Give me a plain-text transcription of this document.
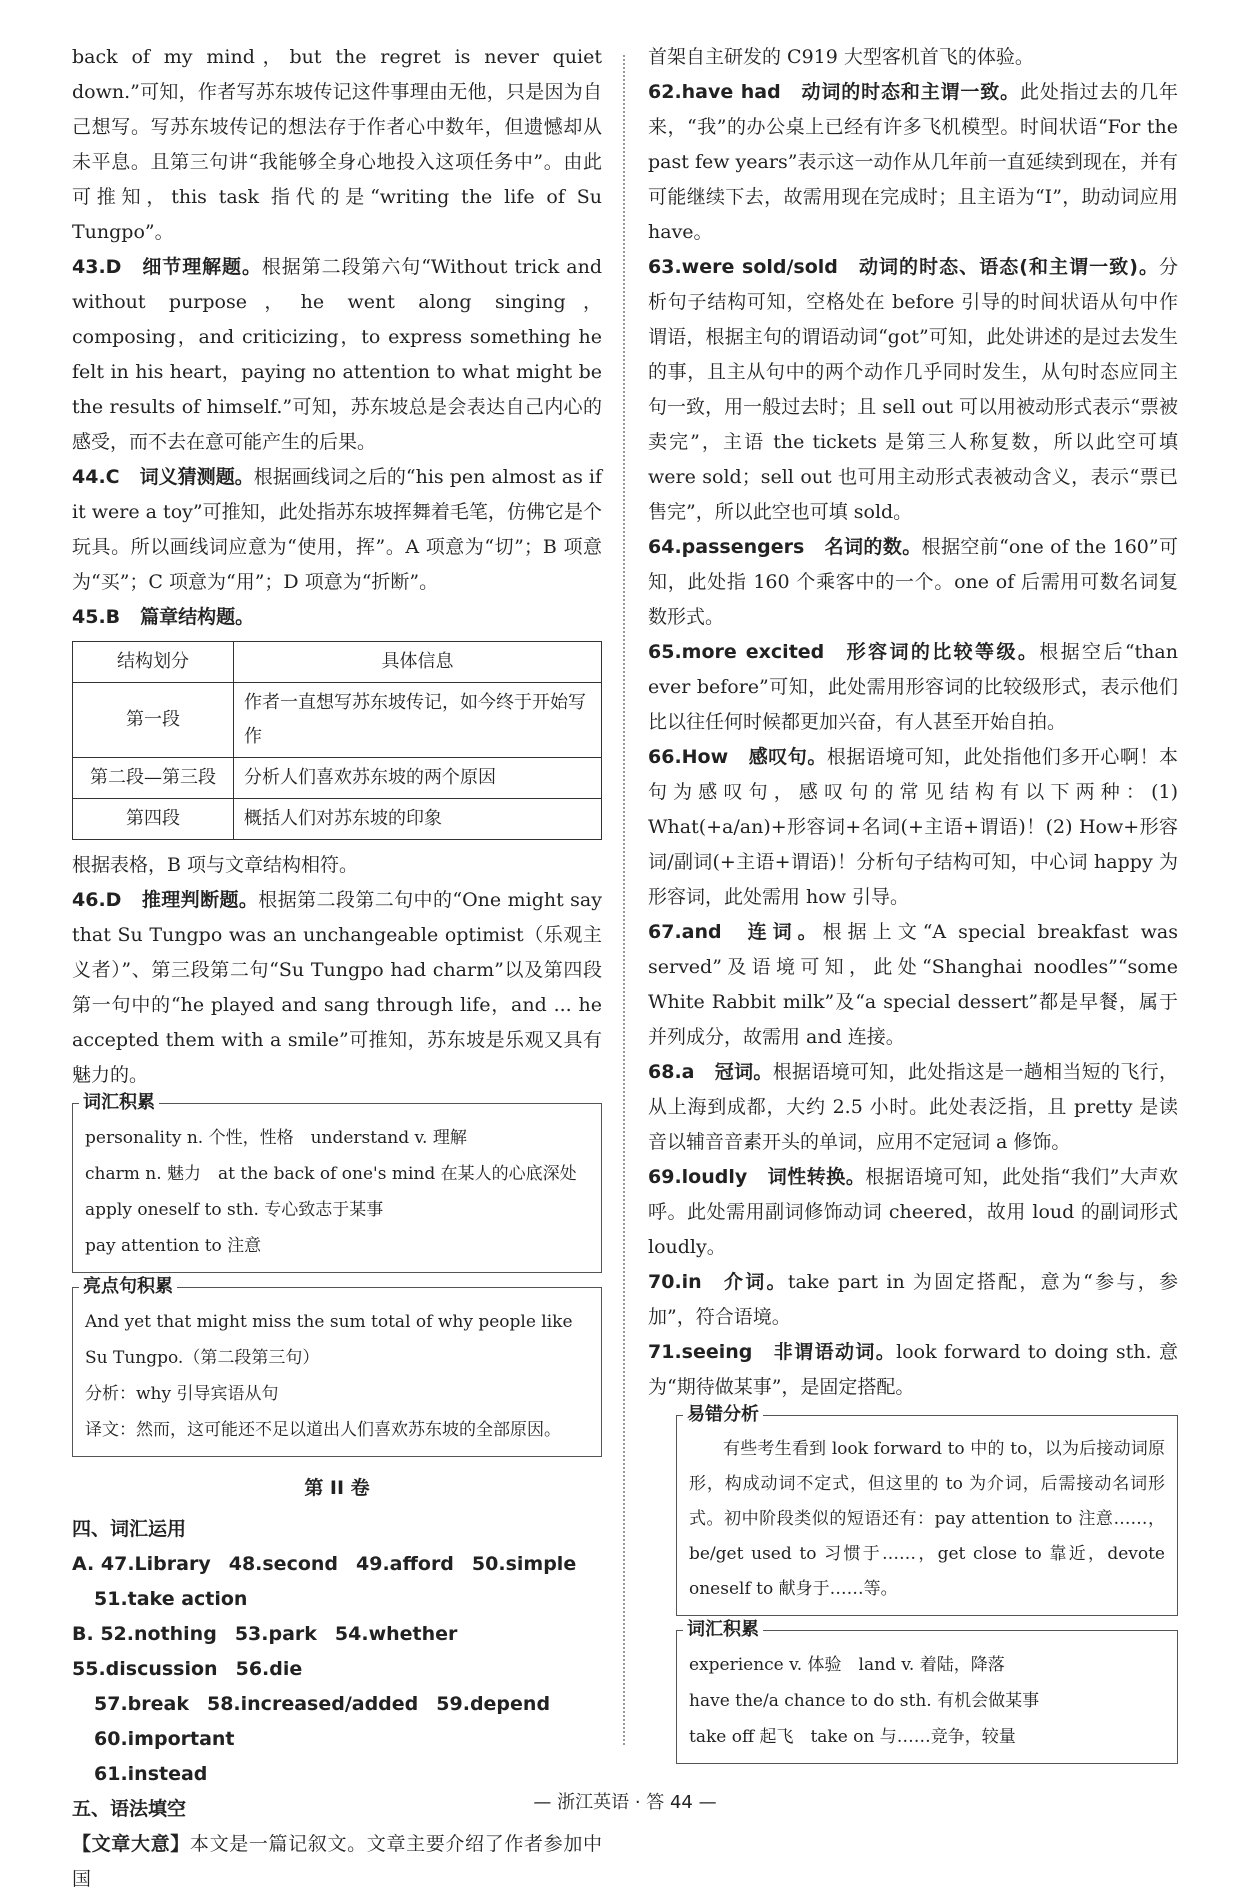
back of my mind，but the regret is never quiet down.”可知，作者写苏东坡传记这件事理由无他，只是因为自己想写。写苏东坡传记的想法存于作者心中数年，但遗憾却从未平息。且第三句讲“我能够全身心地投入这项任务中”。由此可推知，this task 指代的是“writing the life of Su Tungpo”。

43.D 细节理解题。根据第二段第六句“Without trick and without purpose，he went along singing，composing，and criticizing，to express something he felt in his heart，paying no attention to what might be the results of himself.”可知，苏东坡总是会表达自己内心的感受，而不去在意可能产生的后果。

44.C 词义猜测题。根据画线词之后的“his pen almost as if it were a toy”可推知，此处指苏东坡挥舞着毛笔，仿佛它是个玩具。所以画线词应意为“使用，挥”。A 项意为“切”；B 项意为“买”；C 项意为“用”；D 项意为“折断”。

45.B 篇章结构题。

结构划分	具体信息
第一段	作者一直想写苏东坡传记，如今终于开始写作
第二段—第三段	分析人们喜欢苏东坡的两个原因
第四段	概括人们对苏东坡的印象

根据表格，B 项与文章结构相符。

46.D 推理判断题。根据第二段第二句中的“One might say that Su Tungpo was an unchangeable optimist（乐观主义者）”、第三段第二句“Su Tungpo had charm”以及第四段第一句中的“he played and sang through life，and ... he accepted them with a smile”可推知，苏东坡是乐观又具有魅力的。

词汇积累
personality n. 个性，性格　understand v. 理解
charm n. 魅力　at the back of one's mind 在某人的心底深处
apply oneself to sth. 专心致志于某事
pay attention to 注意
亮点句积累
And yet that might miss the sum total of why people like Su Tungpo.（第二段第三句）
分析：why 引导宾语从句
译文：然而，这可能还不足以道出人们喜欢苏东坡的全部原因。
第 II 卷
四、词汇运用
A. 47.Library 48.second 49.afford 50.simple
51.take action
B. 52.nothing 53.park 54.whether55.discussion 56.die
57.break 58.increased/added 59.depend60.important
61.instead
五、语法填空

【文章大意】本文是一篇记叙文。文章主要介绍了作者参加中国

首架自主研发的 C919 大型客机首飞的体验。

62.have had 动词的时态和主谓一致。此处指过去的几年来，“我”的办公桌上已经有许多飞机模型。时间状语“For the past few years”表示这一动作从几年前一直延续到现在，并有可能继续下去，故需用现在完成时；且主语为“I”，助动词应用 have。

63.were sold/sold 动词的时态、语态(和主谓一致)。分析句子结构可知，空格处在 before 引导的时间状语从句中作谓语，根据主句的谓语动词“got”可知，此处讲述的是过去发生的事，且主从句中的两个动作几乎同时发生，从句时态应同主句一致，用一般过去时；且 sell out 可以用被动形式表示“票被卖完”，主语 the tickets 是第三人称复数，所以此空可填 were sold；sell out 也可用主动形式表被动含义，表示“票已售完”，所以此空也可填 sold。

64.passengers 名词的数。根据空前“one of the 160”可知，此处指 160 个乘客中的一个。one of 后需用可数名词复数形式。

65.more excited 形容词的比较等级。根据空后“than ever before”可知，此处需用形容词的比较级形式，表示他们比以往任何时候都更加兴奋，有人甚至开始自拍。

66.How 感叹句。根据语境可知，此处指他们多开心啊！本句为感叹句，感叹句的常见结构有以下两种：(1) What(+a/an)+形容词+名词(+主语+谓语)！(2) How+形容词/副词(+主语+谓语)！分析句子结构可知，中心词 happy 为形容词，此处需用 how 引导。

67.and 连词。根据上文“A special breakfast was served”及语境可知，此处“Shanghai noodles”“some White Rabbit milk”及“a special dessert”都是早餐，属于并列成分，故需用 and 连接。

68.a 冠词。根据语境可知，此处指这是一趟相当短的飞行，从上海到成都，大约 2.5 小时。此处表泛指，且 pretty 是读音以辅音音素开头的单词，应用不定冠词 a 修饰。

69.loudly 词性转换。根据语境可知，此处指“我们”大声欢呼。此处需用副词修饰动词 cheered，故用 loud 的副词形式 loudly。

70.in 介词。take part in 为固定搭配，意为“参与，参加”，符合语境。

71.seeing 非谓语动词。look forward to doing sth. 意为“期待做某事”，是固定搭配。

易错分析
有些考生看到 look forward to 中的 to，以为后接动词原形，构成动词不定式，但这里的 to 为介词，后需接动名词形式。初中阶段类似的短语还有：pay attention to 注意……，be/get used to 习惯于……，get close to 靠近，devote oneself to 献身于……等。
词汇积累
experience v. 体验　land v. 着陆，降落
have the/a chance to do sth. 有机会做某事
take off 起飞　take on 与……竞争，较量
— 浙江英语 · 答 44 —
